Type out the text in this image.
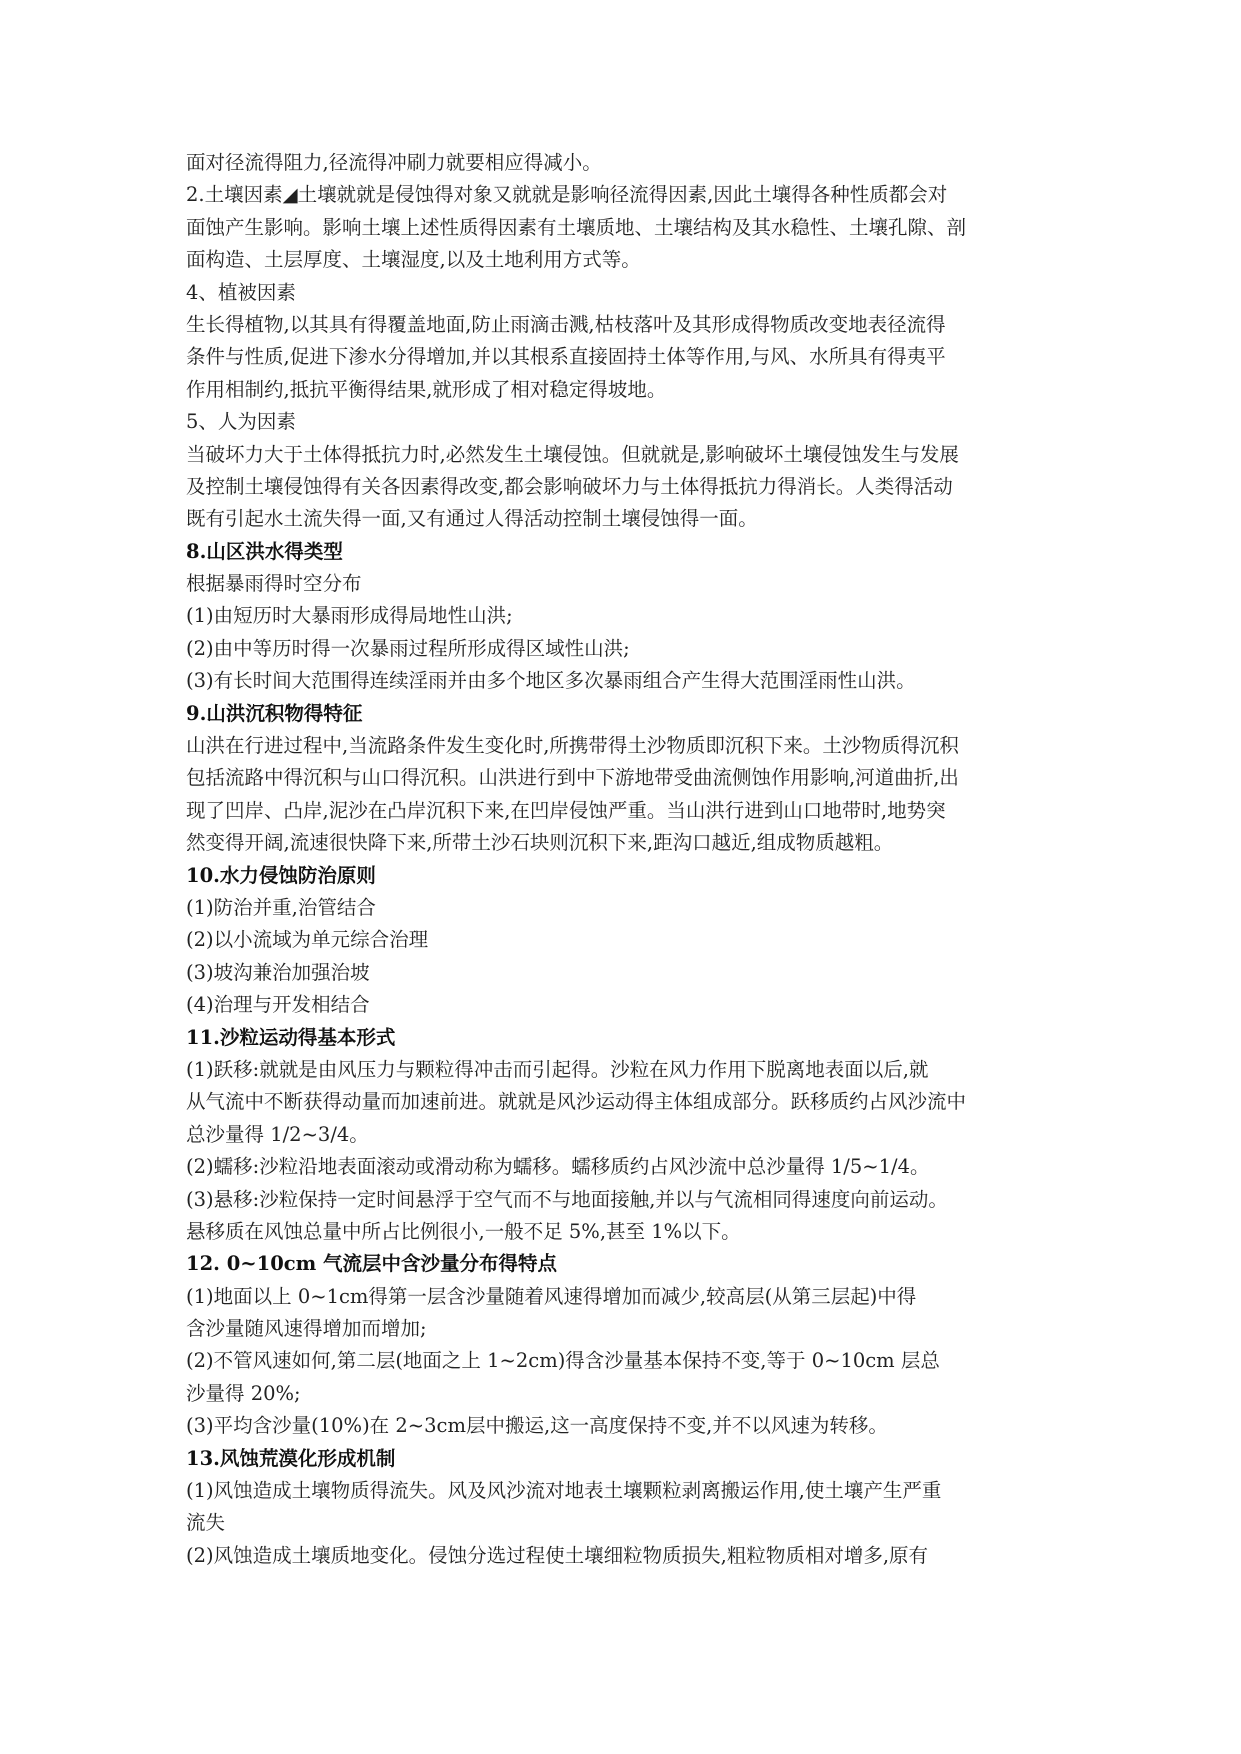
面对径流得阻力,径流得冲刷力就要相应得减小。
2.土壤因素◢土壤就就是侵蚀得对象又就就是影响径流得因素,因此土壤得各种性质都会对
面蚀产生影响。影响土壤上述性质得因素有土壤质地、土壤结构及其水稳性、土壤孔隙、剖
面构造、土层厚度、土壤湿度,以及土地利用方式等。
4、植被因素
生长得植物,以其具有得覆盖地面,防止雨滴击溅,枯枝落叶及其形成得物质改变地表径流得
条件与性质,促进下渗水分得增加,并以其根系直接固持土体等作用,与风、水所具有得夷平
作用相制约,抵抗平衡得结果,就形成了相对稳定得坡地。
5、人为因素
当破坏力大于土体得抵抗力时,必然发生土壤侵蚀。但就就是,影响破坏土壤侵蚀发生与发展
及控制土壤侵蚀得有关各因素得改变,都会影响破坏力与土体得抵抗力得消长。人类得活动
既有引起水土流失得一面,又有通过人得活动控制土壤侵蚀得一面。
8.山区洪水得类型
根据暴雨得时空分布
(1)由短历时大暴雨形成得局地性山洪;
(2)由中等历时得一次暴雨过程所形成得区域性山洪;
(3)有长时间大范围得连续淫雨并由多个地区多次暴雨组合产生得大范围淫雨性山洪。
9.山洪沉积物得特征
山洪在行进过程中,当流路条件发生变化时,所携带得土沙物质即沉积下来。土沙物质得沉积
包括流路中得沉积与山口得沉积。山洪进行到中下游地带受曲流侧蚀作用影响,河道曲折,出
现了凹岸、凸岸,泥沙在凸岸沉积下来,在凹岸侵蚀严重。当山洪行进到山口地带时,地势突
然变得开阔,流速很快降下来,所带土沙石块则沉积下来,距沟口越近,组成物质越粗。
10.水力侵蚀防治原则
(1)防治并重,治管结合
(2)以小流域为单元综合治理
(3)坡沟兼治加强治坡
(4)治理与开发相结合
11.沙粒运动得基本形式
(1)跃移:就就是由风压力与颗粒得冲击而引起得。沙粒在风力作用下脱离地表面以后,就
从气流中不断获得动量而加速前进。就就是风沙运动得主体组成部分。跃移质约占风沙流中
总沙量得 1/2~3/4。
(2)蠕移:沙粒沿地表面滚动或滑动称为蠕移。蠕移质约占风沙流中总沙量得 1/5~1/4。
(3)悬移:沙粒保持一定时间悬浮于空气而不与地面接触,并以与气流相同得速度向前运动。
悬移质在风蚀总量中所占比例很小,一般不足 5%,甚至 1%以下。
12. 0~10cm 气流层中含沙量分布得特点
(1)地面以上 0~1cm得第一层含沙量随着风速得增加而减少,较高层(从第三层起)中得
含沙量随风速得增加而增加;
(2)不管风速如何,第二层(地面之上 1~2cm)得含沙量基本保持不变,等于 0~10cm 层总
沙量得 20%;
(3)平均含沙量(10%)在 2~3cm层中搬运,这一高度保持不变,并不以风速为转移。
13.风蚀荒漠化形成机制
(1)风蚀造成土壤物质得流失。风及风沙流对地表土壤颗粒剥离搬运作用,使土壤产生严重
流失
(2)风蚀造成土壤质地变化。侵蚀分选过程使土壤细粒物质损失,粗粒物质相对增多,原有
